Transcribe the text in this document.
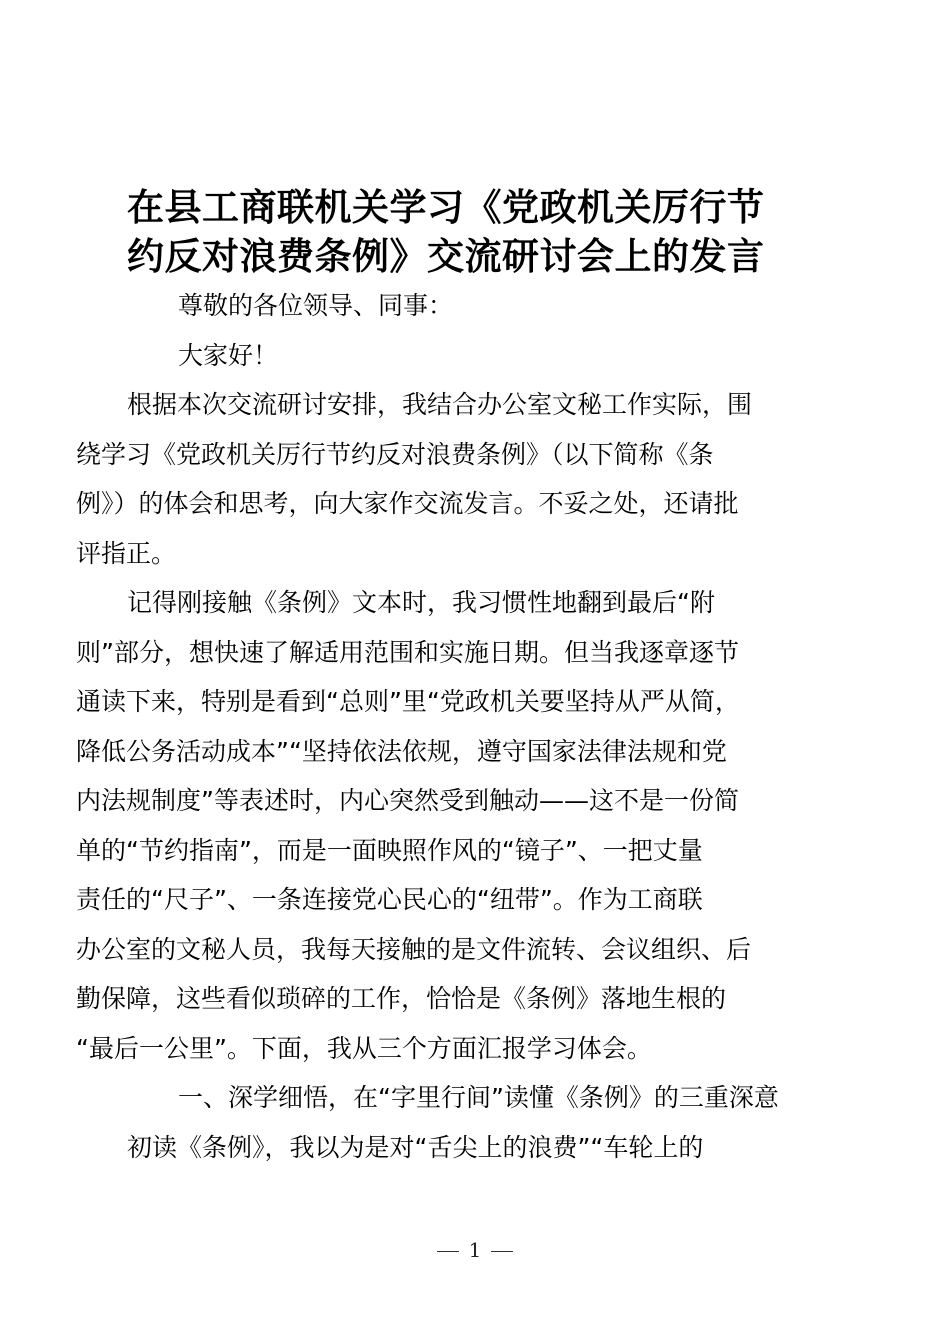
在县工商联机关学习《党政机关厉行节
约反对浪费条例》交流研讨会上的发言

尊敬的各位领导、同事：

大家好！

根据本次交流研讨安排，我结合办公室文秘工作实际，围
绕学习《党政机关厉行节约反对浪费条例》（以下简称《条
例》）的体会和思考，向大家作交流发言。不妥之处，还请批
评指正。

记得刚接触《条例》文本时，我习惯性地翻到最后“附
则”部分，想快速了解适用范围和实施日期。但当我逐章逐节
通读下来，特别是看到“总则”里“党政机关要坚持从严从简，
降低公务活动成本”“坚持依法依规，遵守国家法律法规和党
内法规制度”等表述时，内心突然受到触动——这不是一份简
单的“节约指南”，而是一面映照作风的“镜子”、一把丈量
责任的“尺子”、一条连接党心民心的“纽带”。作为工商联
办公室的文秘人员，我每天接触的是文件流转、会议组织、后
勤保障，这些看似琐碎的工作，恰恰是《条例》落地生根的
“最后一公里”。下面，我从三个方面汇报学习体会。

一、深学细悟，在“字里行间”读懂《条例》的三重深意

初读《条例》，我以为是对“舌尖上的浪费”“车轮上的

1
